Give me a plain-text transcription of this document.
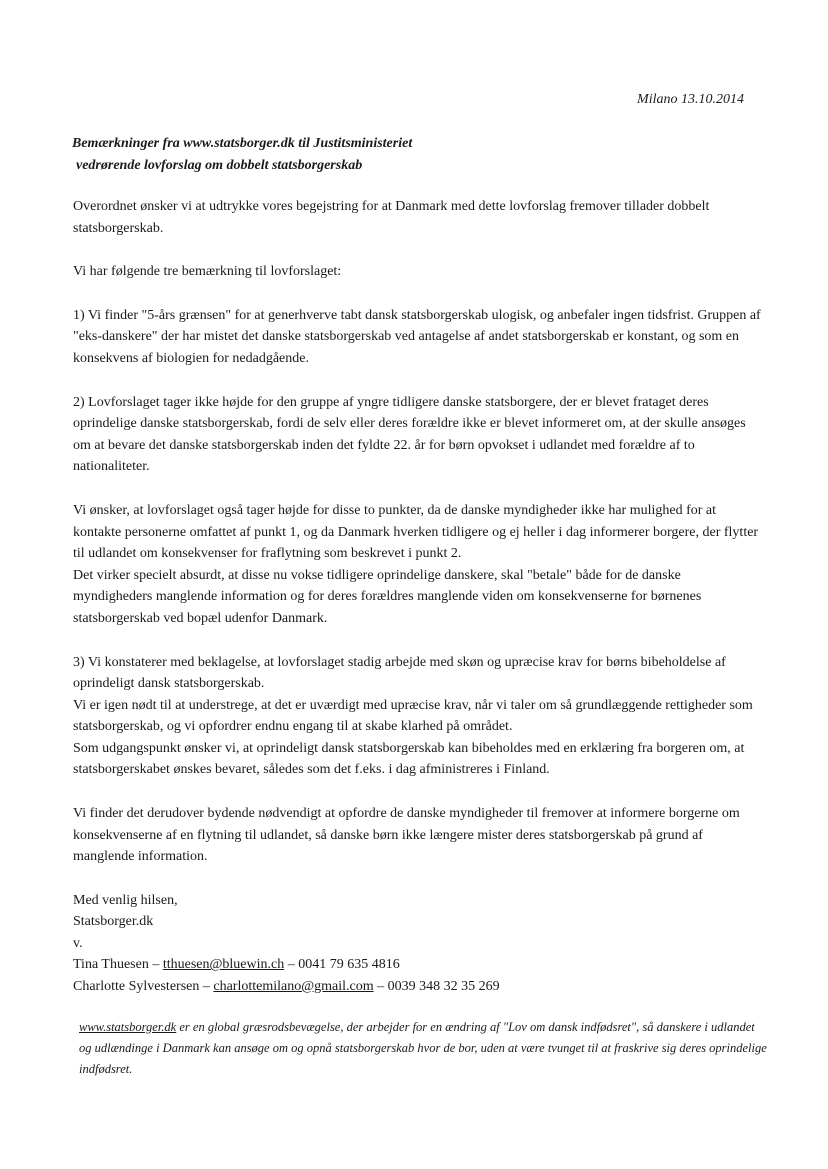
Milano 13.10.2014
Bemærkninger fra www.statsborger.dk til Justitsministeriet
vedrørende lovforslag om dobbelt statsborgerskab

Overordnet ønsker vi at udtrykke vores begejstring for at Danmark med dette lovforslag fremover tillader dobbelt statsborgerskab.

Vi har følgende tre bemærkning til lovforslaget:

1) Vi finder "5-års grænsen" for at generhverve tabt dansk statsborgerskab ulogisk, og anbefaler ingen tidsfrist. Gruppen af "eks-danskere" der har mistet det danske statsborgerskab ved antagelse af andet statsborgerskab er konstant, og som en konsekvens af biologien for nedadgående.

2) Lovforslaget tager ikke højde for den gruppe af yngre tidligere danske statsborgere, der er blevet frataget deres oprindelige danske statsborgerskab, fordi de selv eller deres forældre ikke er blevet informeret om, at der skulle ansøges om at bevare det danske statsborgerskab inden det fyldte 22. år for børn opvokset i udlandet med forældre af to nationaliteter.

Vi ønsker, at lovforslaget også tager højde for disse to punkter, da de danske myndigheder ikke har mulighed for at kontakte personerne omfattet af punkt 1, og da Danmark hverken tidligere og ej heller i dag informerer borgere, der flytter til udlandet om konsekvenser for fraflytning som beskrevet i punkt 2.
Det virker specielt absurdt, at disse nu vokse tidligere oprindelige danskere, skal "betale" både for de danske myndigheders manglende information og for deres forældres manglende viden om konsekvenserne for børnenes statsborgerskab ved bopæl udenfor Danmark.

3) Vi konstaterer med beklagelse, at lovforslaget stadig arbejde med skøn og upræcise krav for børns bibeholdelse af oprindeligt dansk statsborgerskab.
Vi er igen nødt til at understrege, at det er uværdigt med upræcise krav, når vi taler om så grundlæggende rettigheder som statsborgerskab, og vi opfordrer endnu engang til at skabe klarhed på området.
Som udgangspunkt ønsker vi, at oprindeligt dansk statsborgerskab kan bibeholdes med en erklæring fra borgeren om, at statsborgerskabet ønskes bevaret, således som det f.eks. i dag afministreres i Finland.

Vi finder det derudover bydende nødvendigt at opfordre de danske myndigheder til fremover at informere borgerne om konsekvenserne af en flytning til udlandet, så danske børn ikke længere mister deres statsborgerskab på grund af manglende information.

Med venlig hilsen,
Statsborger.dk
v.
Tina Thuesen – tthuesen@bluewin.ch – 0041 79 635 4816
Charlotte Sylvestersen – charlottemilano@gmail.com – 0039 348 32 35 269
www.statsborger.dk er en global græsrodsbevægelse, der arbejder for en ændring af "Lov om dansk indfødsret", så danskere i udlandet og udlændinge i Danmark kan ansøge om og opnå statsborgerskab hvor de bor, uden at være tvunget til at fraskrive sig deres oprindelige indfødsret.
